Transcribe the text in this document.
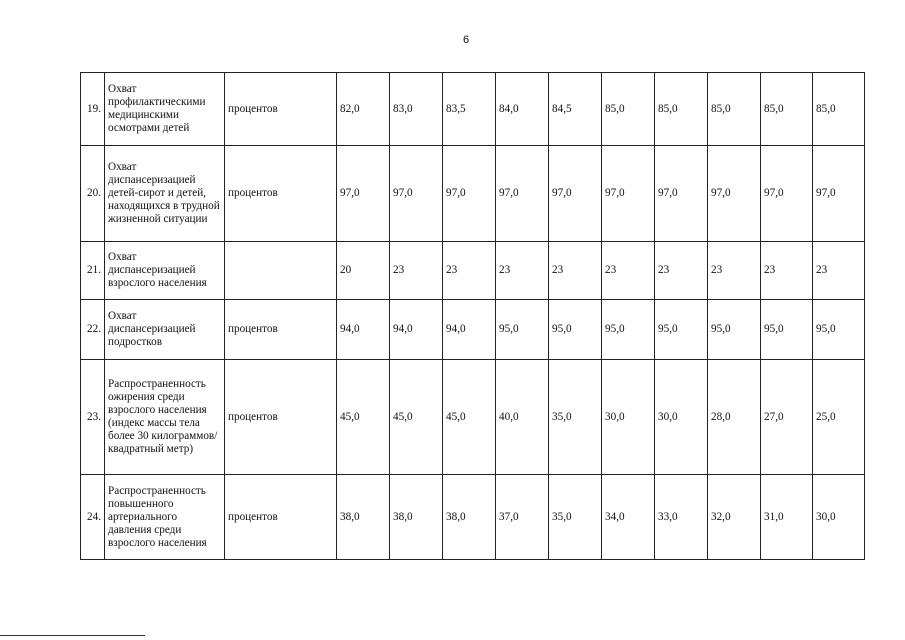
6
19.	Охват профилактическими медицинскими осмотрами детей	процентов	82,0	83,0	83,5	84,0	84,5	85,0	85,0	85,0	85,0	85,0
20.	Охват диспансеризацией детей-сирот и детей, находящихся в трудной жизненной ситуации	процентов	97,0	97,0	97,0	97,0	97,0	97,0	97,0	97,0	97,0	97,0
21.	Охват диспансеризацией взрослого населения		20	23	23	23	23	23	23	23	23	23
22.	Охват диспансеризацией подростков	процентов	94,0	94,0	94,0	95,0	95,0	95,0	95,0	95,0	95,0	95,0
23.	Распространенность ожирения среди взрослого населения (индекс массы тела более 30 килограммов/квадратный метр)	процентов	45,0	45,0	45,0	40,0	35,0	30,0	30,0	28,0	27,0	25,0
24.	Распространенность повышенного артериального давления среди взрослого населения	процентов	38,0	38,0	38,0	37,0	35,0	34,0	33,0	32,0	31,0	30,0
